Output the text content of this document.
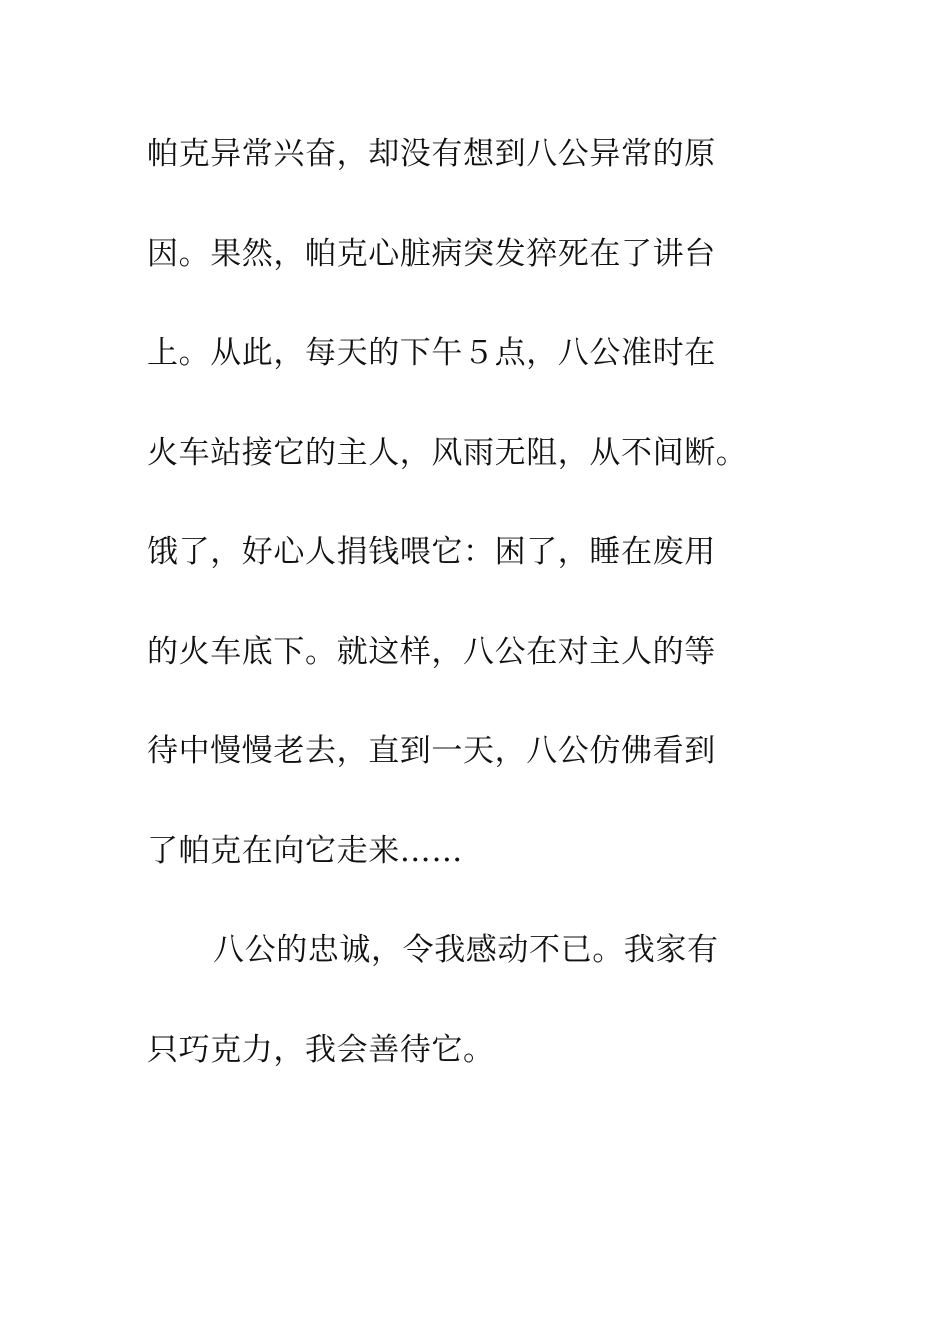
帕克异常兴奋，却没有想到八公异常的原
因。果然，帕克心脏病突发猝死在了讲台
上。从此，每天的下午５点，八公准时在
火车站接它的主人，风雨无阻，从不间断。
饿了，好心人捐钱喂它：困了，睡在废用
的火车底下。就这样，八公在对主人的等
待中慢慢老去，直到一天，八公仿佛看到
了帕克在向它走来……
八公的忠诚，令我感动不已。我家有
只巧克力，我会善待它。
